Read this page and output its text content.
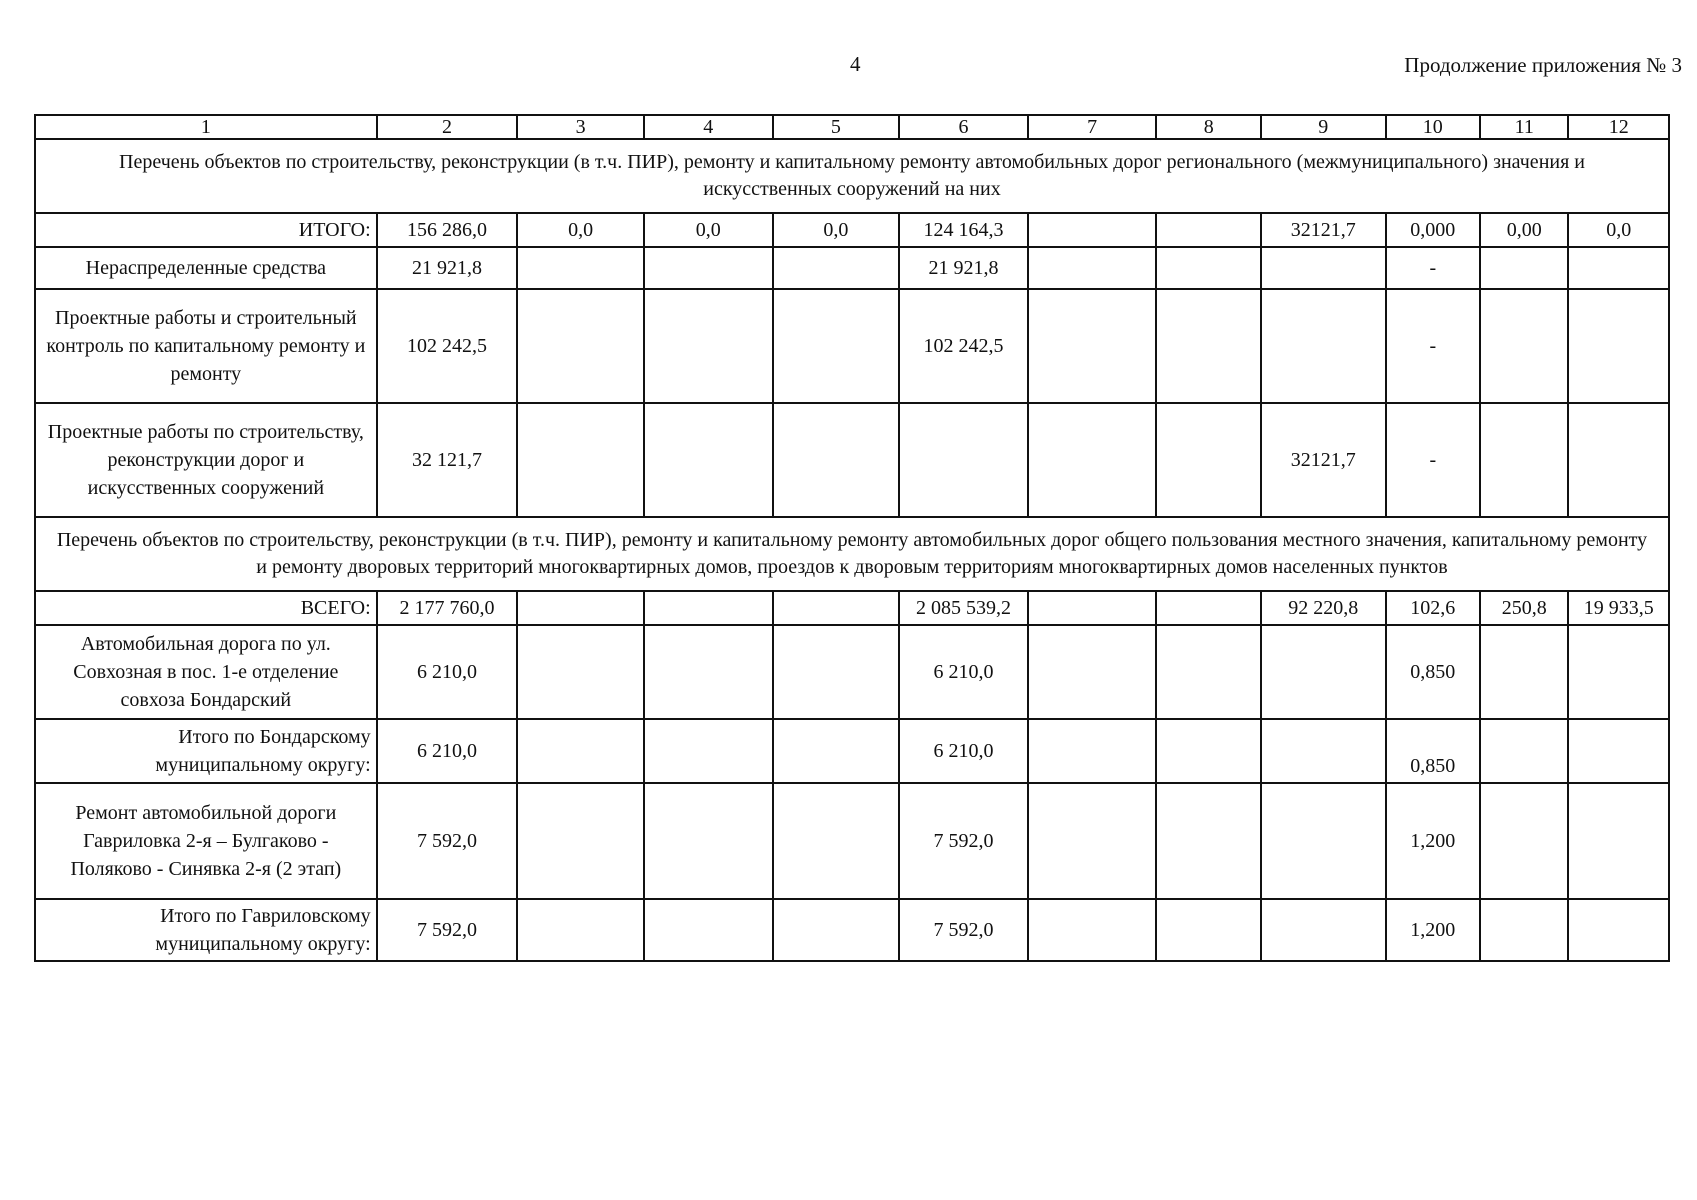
4	Продолжение приложения № 3
1	2	3	4	5	6	7	8	9	10	11	12
Перечень объектов по строительству, реконструкции (в т.ч. ПИР), ремонту и капитальному ремонту автомобильных дорог регионального (межмуниципального) значения и искусственных сооружений на них											
ИТОГО:	156 286,0	0,0	0,0	0,0	124 164,3			32121,7	0,000	0,00	0,0
Нераспределенные средства	21 921,8				21 921,8				-		
Проектные работы и строительный контроль по капитальному ремонту и ремонту	102 242,5				102 242,5				-		
Проектные работы по строительству, реконструкции дорог и искусственных сооружений	32 121,7							32121,7	-		
Перечень объектов по строительству, реконструкции (в т.ч. ПИР), ремонту и капитальному ремонту автомобильных дорог общего пользования местного значения, капитальному ремонту и ремонту дворовых территорий многоквартирных домов, проездов к дворовым территориям многоквартирных домов населенных пунктов											
ВСЕГО:	2 177 760,0				2 085 539,2			92 220,8	102,6	250,8	19 933,5
Автомобильная дорога по ул. Совхозная в пос. 1-е отделение совхоза Бондарский	6 210,0				6 210,0				0,850		
Итого по Бондарскому муниципальному округу:	6 210,0				6 210,0				0,850		
Ремонт автомобильной дороги Гавриловка 2-я – Булгаково - Поляково - Синявка 2-я (2 этап)	7 592,0				7 592,0				1,200		
Итого по Гавриловскому муниципальному округу:	7 592,0				7 592,0				1,200		
